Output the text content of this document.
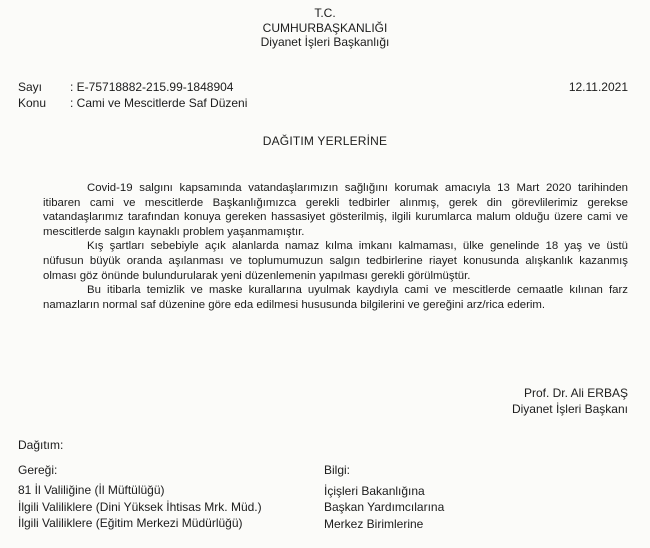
T.C.
CUMHURBAŞKANLIĞI
Diyanet İşleri Başkanlığı
Sayı : E-75718882-215.99-1848904
Konu : Cami ve Mescitlerde Saf Düzeni
12.11.2021
DAĞITIM YERLERİNE

Covid-19 salgını kapsamında vatandaşlarımızın sağlığını korumak amacıyla 13 Mart 2020 tarihinden itibaren cami ve mescitlerde Başkanlığımızca gerekli tedbirler alınmış, gerek din görevlilerimiz gerekse vatandaşlarımız tarafından konuya gereken hassasiyet gösterilmiş, ilgili kurumlarca malum olduğu üzere cami ve mescitlerde salgın kaynaklı problem yaşanmamıştır.

Kış şartları sebebiyle açık alanlarda namaz kılma imkanı kalmaması, ülke genelinde 18 yaş ve üstü nüfusun büyük oranda aşılanması ve toplumumuzun salgın tedbirlerine riayet konusunda alışkanlık kazanmış olması göz önünde bulundurularak yeni düzenlemenin yapılması gerekli görülmüştür.

Bu itibarla temizlik ve maske kurallarına uyulmak kaydıyla cami ve mescitlerde cemaatle kılınan farz namazların normal saf düzenine göre eda edilmesi hususunda bilgilerini ve gereğini arz/rica ederim.

Prof. Dr. Ali ERBAŞ
Diyanet İşleri Başkanı
Dağıtım:
Gereği:
81 İl Valiliğine (İl Müftülüğü)
İlgili Valiliklere (Dini Yüksek İhtisas Mrk. Müd.)
İlgili Valiliklere (Eğitim Merkezi Müdürlüğü)
Bilgi:
İçişleri Bakanlığına
Başkan Yardımcılarına
Merkez Birimlerine
